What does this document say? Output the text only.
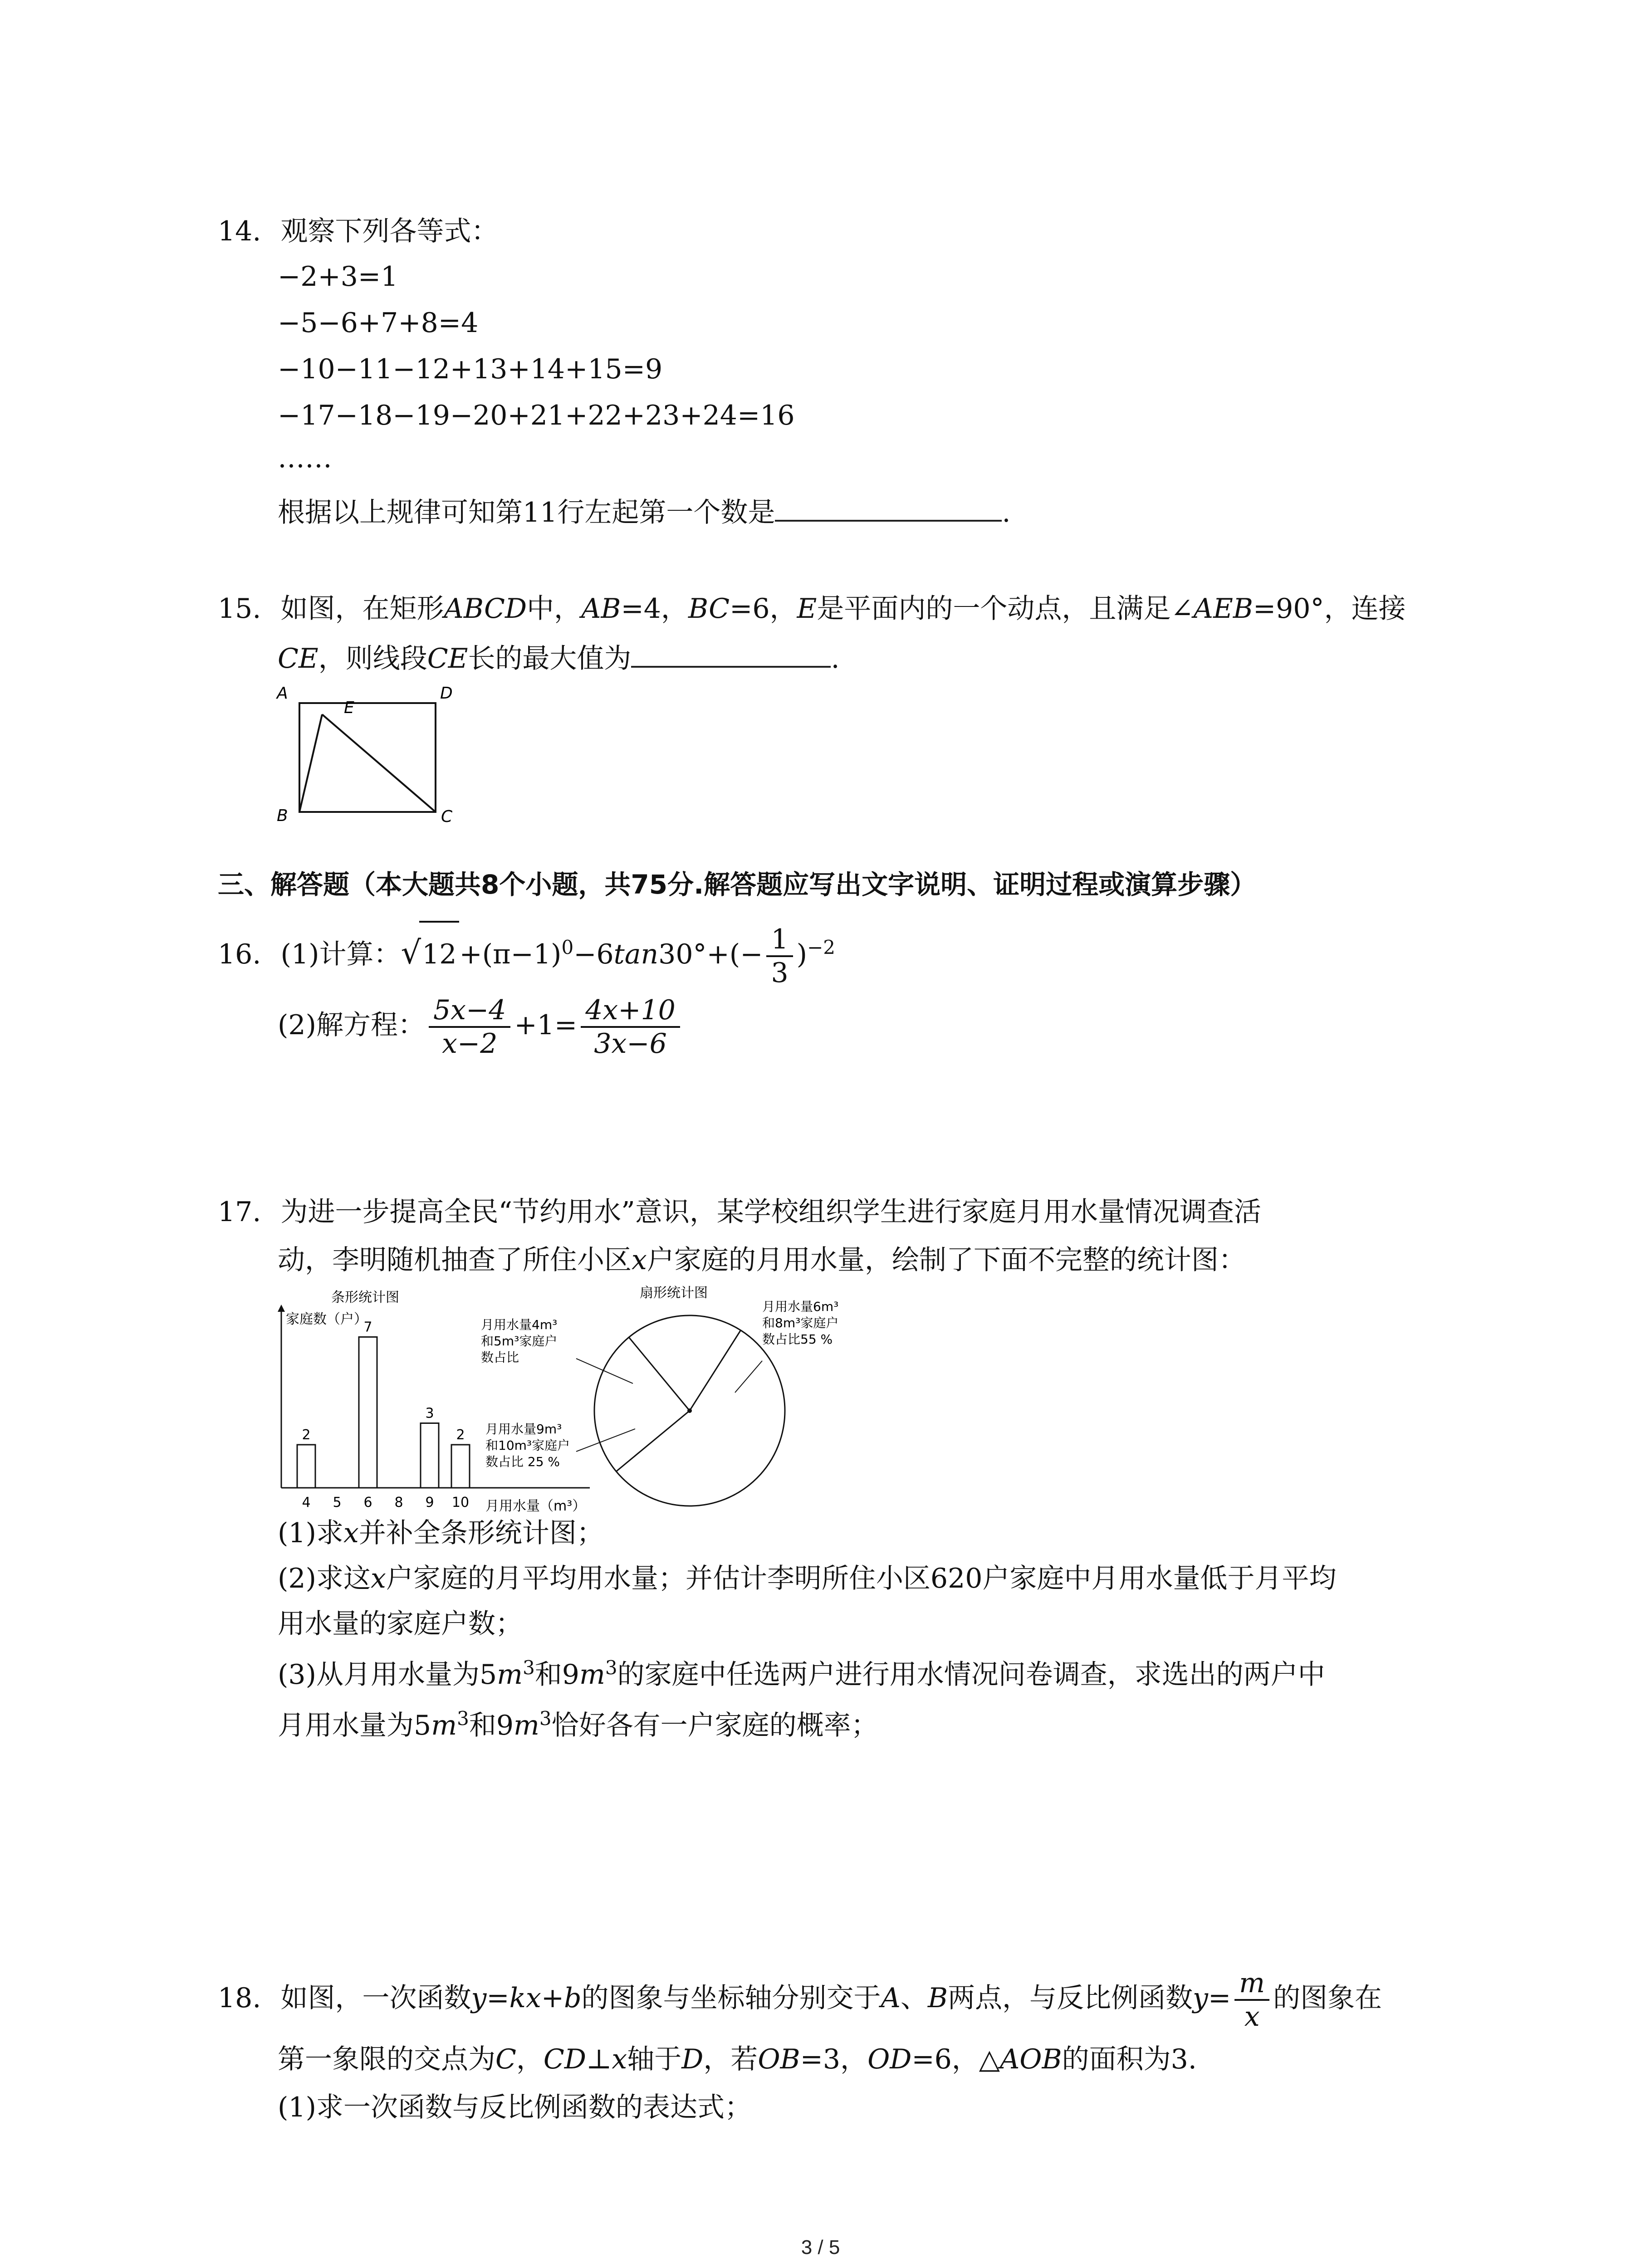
14. 观察下列各等式：
−2+3=1
−5−6+7+8=4
−10−11−12+13+14+15=9
−17−18−19−20+21+22+23+24=16
……
根据以上规律可知第11行左起第一个数是	.
15. 如图，在矩形ABCD中，AB=4，BC=6，E是平面内的一个动点，且满足∠AEB=90°，连接
CE，则线段CE长的最大值为	.
A	D
B	C
E
三、解答题（本大题共8个小题，共75分.解答题应写出文字说明、证明过程或演算步骤）
16. (1)计算：$√12 +(\pi-1)^0-6\tan 30^\circ+(- \frac{1}{3} )^{-2}$
(2)解方程： $\frac{5x-4}{x-2} +1= \frac{4x+10}{3x-6}$
17. 为进一步提高全民“节约用水”意识，某学校组织学生进行家庭月用水量情况调查活
动，李明随机抽查了所住小区x户家庭的月用水量，绘制了下面不完整的统计图：
条形统计图
家庭数（户）
月用水量（m³）
4
2
5 6
7
8 9
3
10
2
扇形统计图
月用水量4m³
和5m³家庭户
数占比
月用水量6m³
和8m³家庭户
数占比55 %
月用水量9m³
和10m³家庭户
数占比 25 %
(1)求x并补全条形统计图；
(2)求这x户家庭的月平均用水量；并估计李明所住小区620户家庭中月用水量低于月平均
用水量的家庭户数；
(3)从月用水量为$5m^3$和$9m^3$的家庭中任选两户进行用水情况问卷调查，求选出的两户中
月用水量为$5m^3$和$9m^3$恰好各有一户家庭的概率；
18. 如图，一次函数y=kx+b的图象与坐标轴分别交于A、B两点，与反比例函数$y= \frac{m}{x}$ 的图象在
第一象限的交点为C，CD⊥x轴于D，若OB=3，OD=6，△AOB的面积为3.
(1)求一次函数与反比例函数的表达式；
3 / 5
